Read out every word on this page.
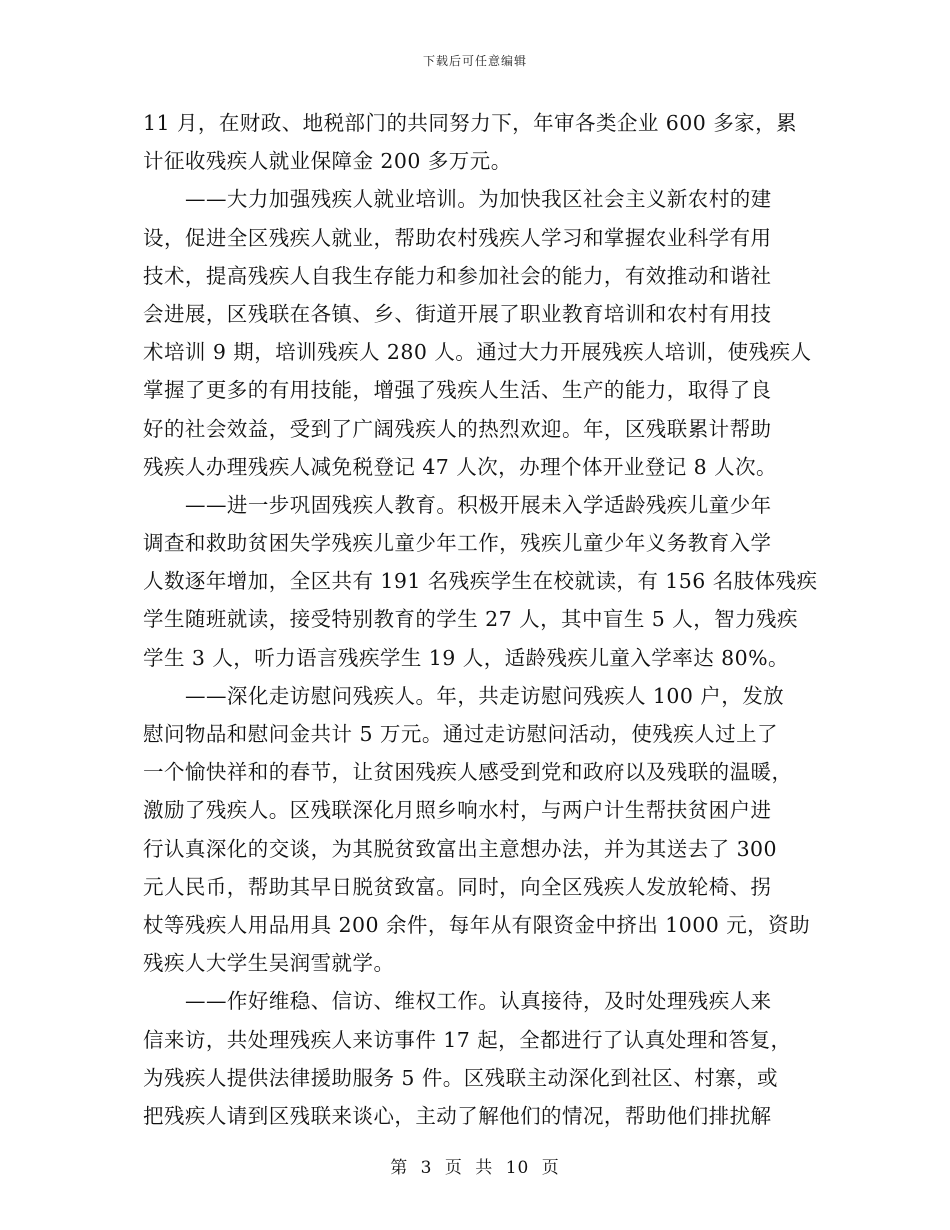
下载后可任意编辑
11 月，在财政、地税部门的共同努力下，年审各类企业 600 多家，累
计征收残疾人就业保障金 200 多万元。
——大力加强残疾人就业培训。为加快我区社会主义新农村的建
设，促进全区残疾人就业，帮助农村残疾人学习和掌握农业科学有用
技术，提高残疾人自我生存能力和参加社会的能力，有效推动和谐社
会进展，区残联在各镇、乡、街道开展了职业教育培训和农村有用技
术培训 9 期，培训残疾人 280 人。通过大力开展残疾人培训，使残疾人
掌握了更多的有用技能，增强了残疾人生活、生产的能力，取得了良
好的社会效益，受到了广阔残疾人的热烈欢迎。年，区残联累计帮助
残疾人办理残疾人减免税登记 47 人次，办理个体开业登记 8 人次。
——进一步巩固残疾人教育。积极开展未入学适龄残疾儿童少年
调查和救助贫困失学残疾儿童少年工作，残疾儿童少年义务教育入学
人数逐年增加，全区共有 191 名残疾学生在校就读，有 156 名肢体残疾
学生随班就读，接受特别教育的学生 27 人，其中盲生 5 人，智力残疾
学生 3 人，听力语言残疾学生 19 人，适龄残疾儿童入学率达 80%。
——深化走访慰问残疾人。年，共走访慰问残疾人 100 户，发放
慰问物品和慰问金共计 5 万元。通过走访慰问活动，使残疾人过上了
一个愉快祥和的春节，让贫困残疾人感受到党和政府以及残联的温暖，
激励了残疾人。区残联深化月照乡响水村，与两户计生帮扶贫困户进
行认真深化的交谈，为其脱贫致富出主意想办法，并为其送去了 300
元人民币，帮助其早日脱贫致富。同时，向全区残疾人发放轮椅、拐
杖等残疾人用品用具 200 余件，每年从有限资金中挤出 1000 元，资助
残疾人大学生吴润雪就学。
——作好维稳、信访、维权工作。认真接待，及时处理残疾人来
信来访，共处理残疾人来访事件 17 起，全都进行了认真处理和答复，
为残疾人提供法律援助服务 5 件。区残联主动深化到社区、村寨，或
把残疾人请到区残联来谈心，主动了解他们的情况，帮助他们排扰解
第 3 页 共 10 页
